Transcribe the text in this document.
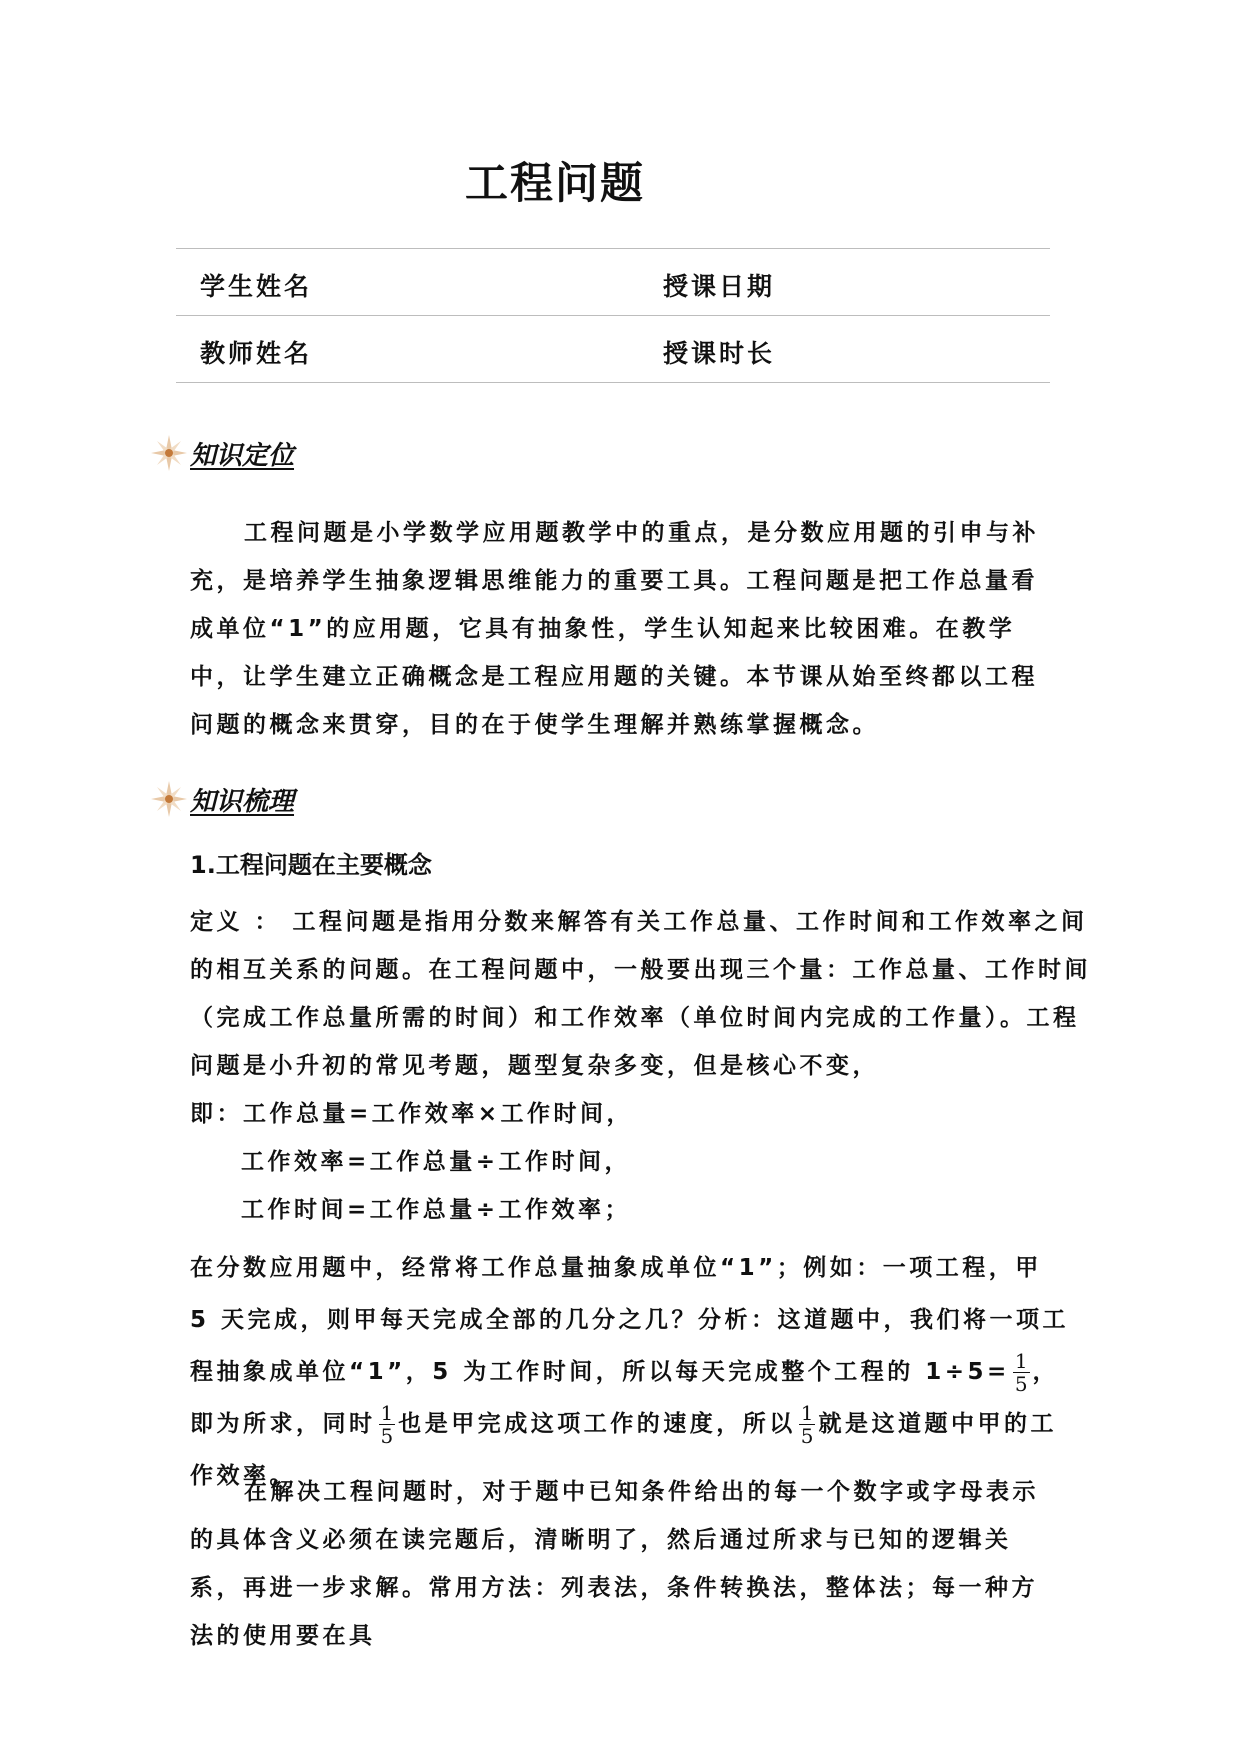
工程问题
学生姓名	授课日期
教师姓名	授课时长
知识定位

工程问题是小学数学应用题教学中的重点，是分数应用题的引申与补充，是培养学生抽象逻辑思维能力的重要工具。工程问题是把工作总量看成单位“1”的应用题，它具有抽象性，学生认知起来比较困难。在教学中，让学生建立正确概念是工程应用题的关键。本节课从始至终都以工程问题的概念来贯穿，目的在于使学生理解并熟练掌握概念。

知识梳理
1.工程问题在主要概念

定义 ： 工程问题是指用分数来解答有关工作总量、工作时间和工作效率之间的相互关系的问题。在工程问题中，一般要出现三个量：工作总量、工作时间（完成工作总量所需的时间）和工作效率（单位时间内完成的工作量）。工程问题是小升初的常见考题，题型复杂多变，但是核心不变，

即：工作总量=工作效率×工作时间，

工作效率=工作总量÷工作时间，

工作时间=工作总量÷工作效率；

在分数应用题中，经常将工作总量抽象成单位“1”；例如：一项工程，甲 5 天完成，则甲每天完成全部的几分之几？分析：这道题中，我们将一项工程抽象成单位“1”，5 为工作时间，所以每天完成整个工程的 $1\div 5= \frac{1}{5}$ ，即为所求，同时 $\frac{1}{5}$ 也是甲完成这项工作的速度，所以 $\frac{1}{5}$ 就是这道题中甲的工作效率。

在解决工程问题时，对于题中已知条件给出的每一个数字或字母表示的具体含义必须在读完题后，清晰明了，然后通过所求与已知的逻辑关系，再进一步求解。常用方法：列表法，条件转换法，整体法；每一种方法的使用要在具
